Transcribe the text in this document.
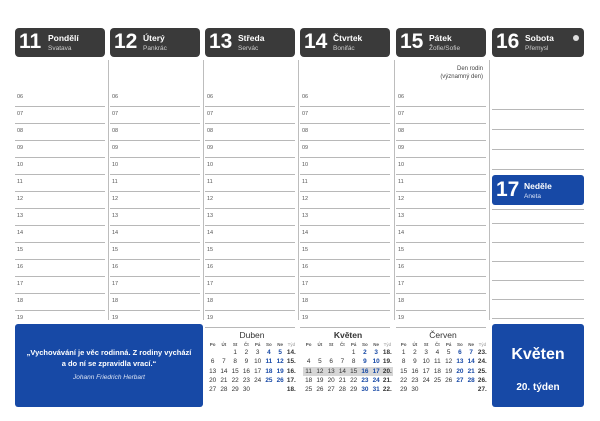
11 Pondělí
Svatava
06
07
08
09
10
11
12
13
14
15
16
17
18
19
12 Úterý
Pankrác
06
07
08
09
10
11
12
13
14
15
16
17
18
19
13 Středa
Servác
06
07
08
09
10
11
12
13
14
15
16
17
18
19
14 Čtvrtek
Bonifác
06
07
08
09
10
11
12
13
14
15
16
17
18
19
15 Pátek
Žofie/Sofie
Den rodin
(významný den)
06
07
08
09
10
11
12
13
14
15
16
17
18
19
16 Sobota
Přemysl
17 Neděle
Aneta
„Vychovávání je věc rodinná. Z rodiny vychází a do ní se zpravidla vrací.“
Johann Friedrich Herbart
Duben
Po	Út	St	Čt	Pá	So	Ne	Týd
		1	2	3	4	5	14.
6	7	8	9	10	11	12	15.
13	14	15	16	17	18	19	16.
20	21	22	23	24	25	26	17.
27	28	29	30				18.
Květen
Po	Út	St	Čt	Pá	So	Ne	Týd
				1	2	3	18.
4	5	6	7	8	9	10	19.
11	12	13	14	15	16	17	20.
18	19	20	21	22	23	24	21.
25	26	27	28	29	30	31	22.
Červen
Po	Út	St	Čt	Pá	So	Ne	Týd
1	2	3	4	5	6	7	23.
8	9	10	11	12	13	14	24.
15	16	17	18	19	20	21	25.
22	23	24	25	26	27	28	26.
29	30						27.
Květen
20. týden
